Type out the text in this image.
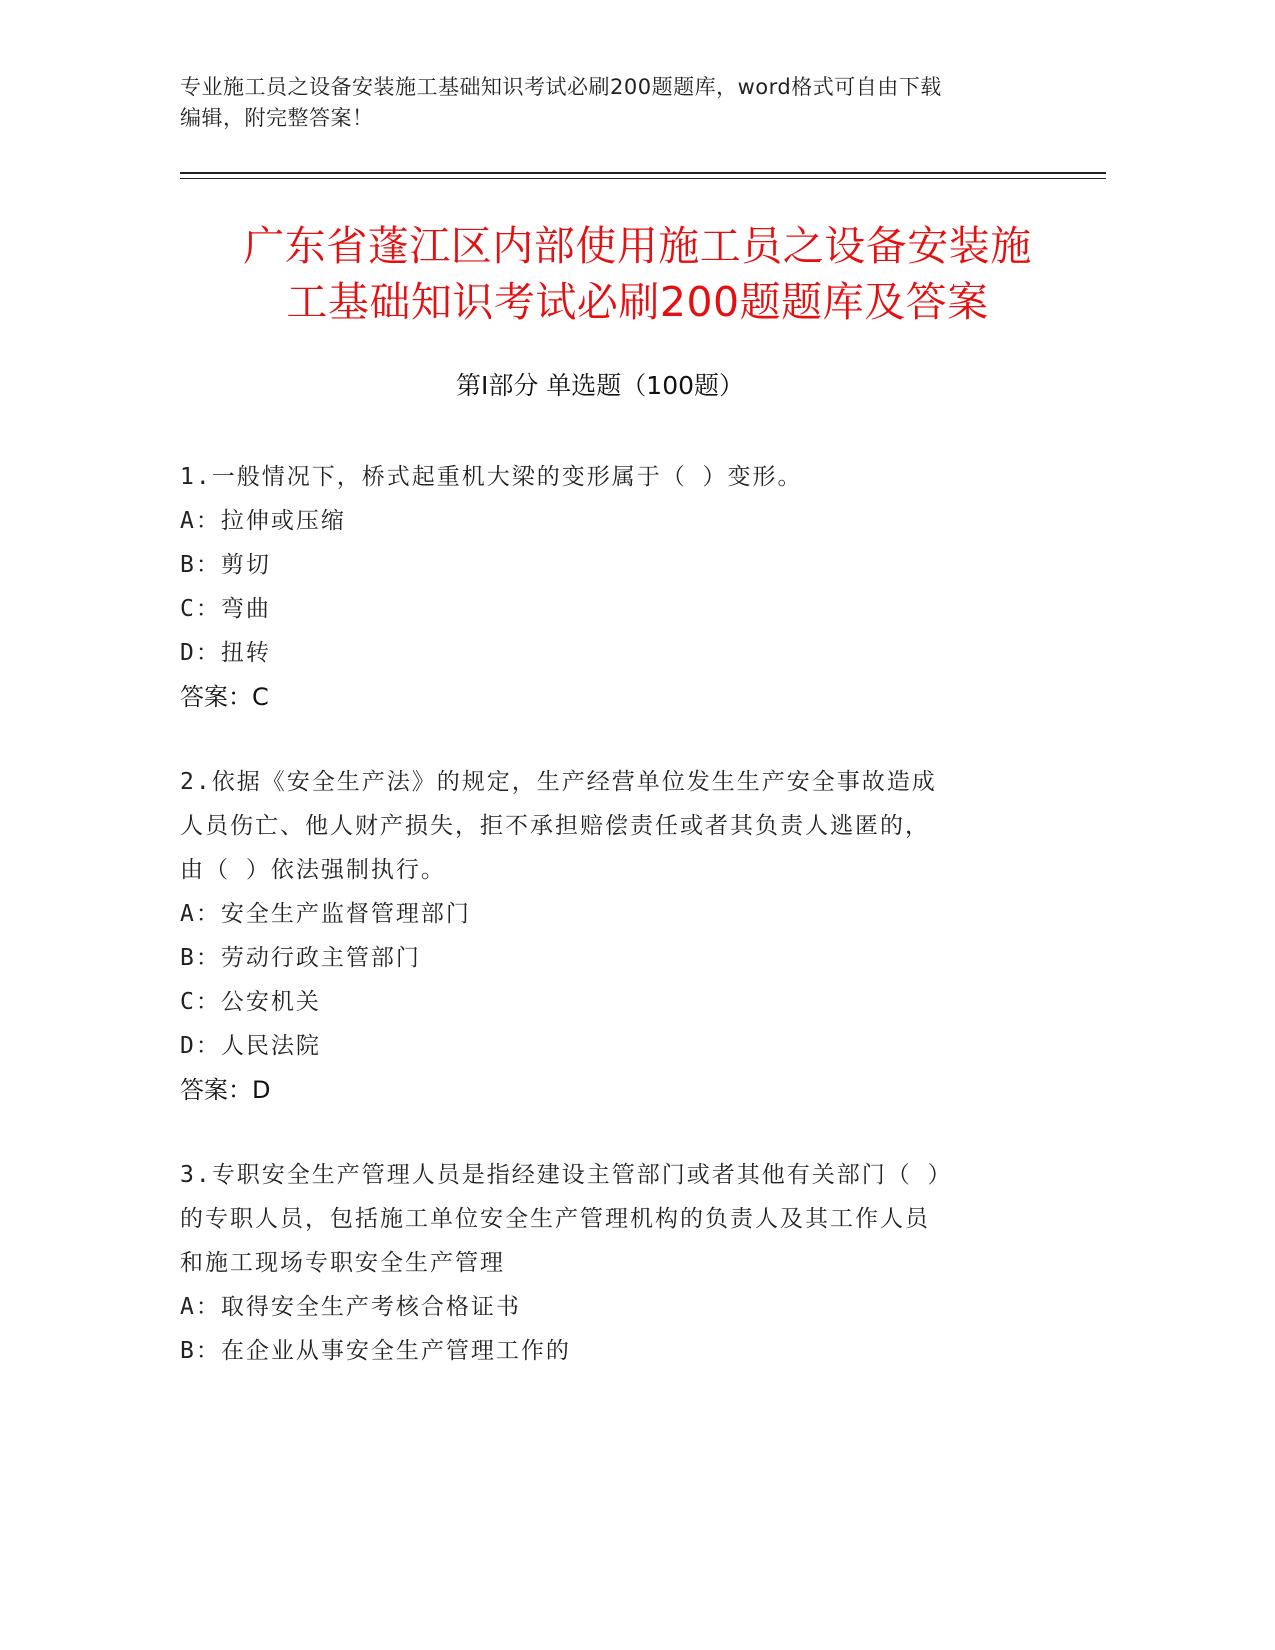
专业施工员之设备安装施工基础知识考试必刷200题题库，word格式可自由下载
编辑，附完整答案！
广东省蓬江区内部使用施工员之设备安装施
工基础知识考试必刷200题题库及答案
第Ⅰ部分 单选题（100题）
1.一般情况下，桥式起重机大梁的变形属于（ ）变形。
A：拉伸或压缩
B：剪切
C：弯曲
D：扭转
答案：C
2.依据《安全生产法》的规定，生产经营单位发生生产安全事故造成
人员伤亡、他人财产损失，拒不承担赔偿责任或者其负责人逃匿的，
由（ ）依法强制执行。
A：安全生产监督管理部门
B：劳动行政主管部门
C：公安机关
D：人民法院
答案：D
3.专职安全生产管理人员是指经建设主管部门或者其他有关部门（ ）
的专职人员，包括施工单位安全生产管理机构的负责人及其工作人员
和施工现场专职安全生产管理
A：取得安全生产考核合格证书
B：在企业从事安全生产管理工作的
